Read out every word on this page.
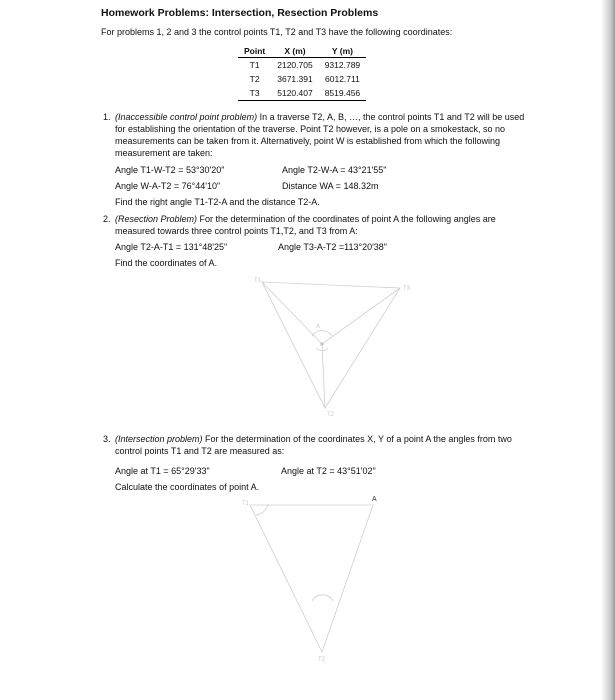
Homework Problems: Intersection, Resection Problems
For problems 1, 2 and 3 the control points T1, T2 and T3 have the following coordinates:
Point	X (m)	Y (m)
T1	2120.705	9312.789
T2	3671.391	6012.711
T3	5120.407	8519.456
1. (Inaccessible control point problem) In a traverse T2, A, B, …, the control points T1 and T2 will be used for establishing the orientation of the traverse. Point T2 however, is a pole on a smokestack, so no measurements can be taken from it. Alternatively, point W is established from which the following measurement are taken:
Angle T1-W-T2 = 53°30'20"	Angle T2-W-A = 43°21'55"
Angle W-A-T2 = 76°44'10"	Distance WA = 148.32m
Find the right angle T1-T2-A and the distance T2-A.
2. (Resection Problem) For the determination of the coordinates of point A the following angles are measured towards three control points T1,T2, and T3 from A:
Angle T2-A-T1 = 131°48'25"	Angle T3-A-T2 =113°20'38"
Find the coordinates of A.
3. (Intersection problem) For the determination of the coordinates X, Y of a point A the angles from two control points T1 and T2 are measured as:
Angle at T1 = 65°29'33"	Angle at T2 = 43°51'02"
Calculate the coordinates of point A.
T1
T3
T2
A
A
T1
T2
